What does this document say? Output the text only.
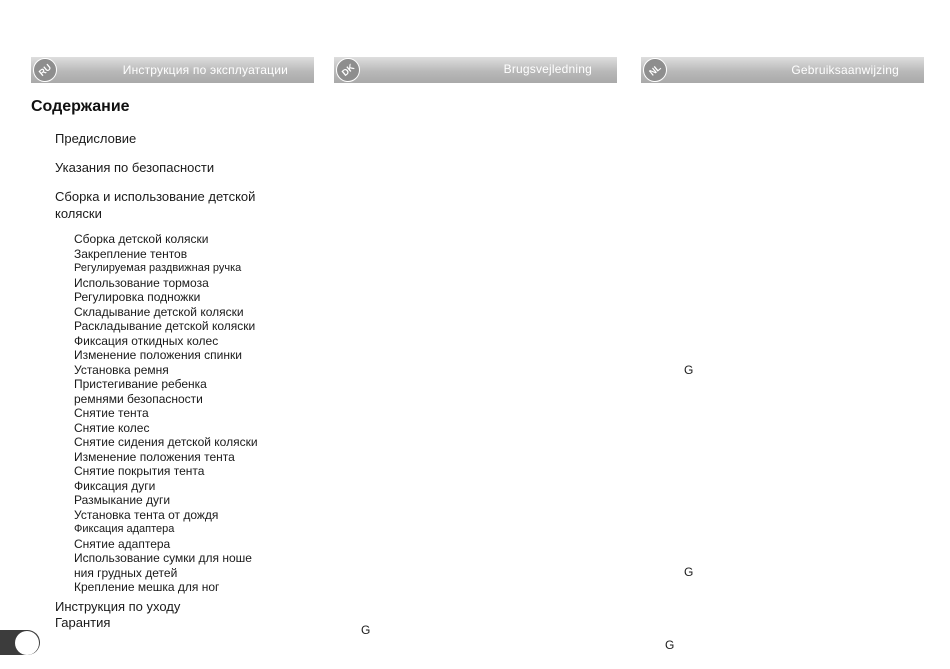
RU	Инструкция по эксплуатации	DK	Brugsvejledning	NL	Gebruiksaanwijzing
Содержание
Предисловие
Указания по безопасности
Сборка и использование детской коляски
Сборка детской коляски
Закрепление тентов
Регулируемая раздвижная ручка
Использование тормоза
Регулировка подножки
Складывание детской коляски
Раскладывание детской коляски
Фиксация откидных колес
Изменение положения спинки
Установка ремня
Пристегивание ребенка
ремнями безопасности
Снятие тента
Снятие колес
Снятие сидения детской коляски
Изменение положения тента
Снятие покрытия тента
Фиксация дуги
Размыкание дуги
Установка тента от дождя
Фиксация адаптера
Снятие адаптера
Использование сумки для ноше
ния грудных детей
Крепление мешка для ног
Инструкция по уходу
Гарантия
G
G
G
G
